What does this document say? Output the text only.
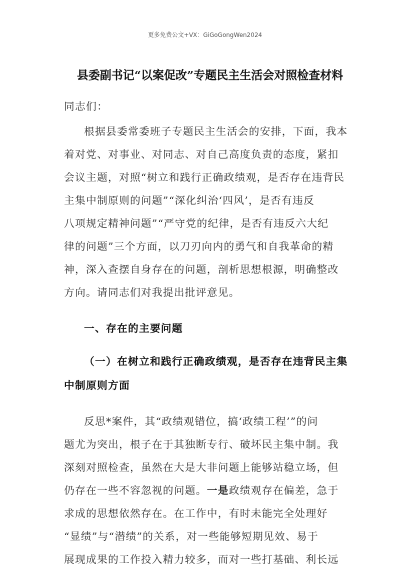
更多免费公文+VX：GiGoGongWen2024
县委副书记“以案促改”专题民主生活会对照检查材料
同志们：
根据县委常委班子专题民主生活会的安排，下面，我本
着对党、对事业、对同志、对自己高度负责的态度，紧扣
会议主题，对照“树立和践行正确政绩观，是否存在违背民
主集中制原则的问题”“深化纠治‘四风’，是否有违反
八项规定精神问题”“严守党的纪律，是否有违反六大纪
律的问题”三个方面，以刀刃向内的勇气和自我革命的精
神，深入查摆自身存在的问题，剖析思想根源，明确整改
方向。请同志们对我提出批评意见。
一、存在的主要问题
（一）在树立和践行正确政绩观，是否存在违背民主集
中制原则方面
反思*案件，其“政绩观错位，搞‘政绩工程’”的问
题尤为突出，根子在于其独断专行、破坏民主集中制。我
深刻对照检查，虽然在大是大非问题上能够站稳立场，但
仍存在一些不容忽视的问题。一是政绩观存在偏差，急于
求成的思想依然存在。在工作中，有时未能完全处理好
“显绩”与“潜绩”的关系，对一些能够短期见效、易于
展现成果的工作投入精力较多，而对一些打基础、利长远
